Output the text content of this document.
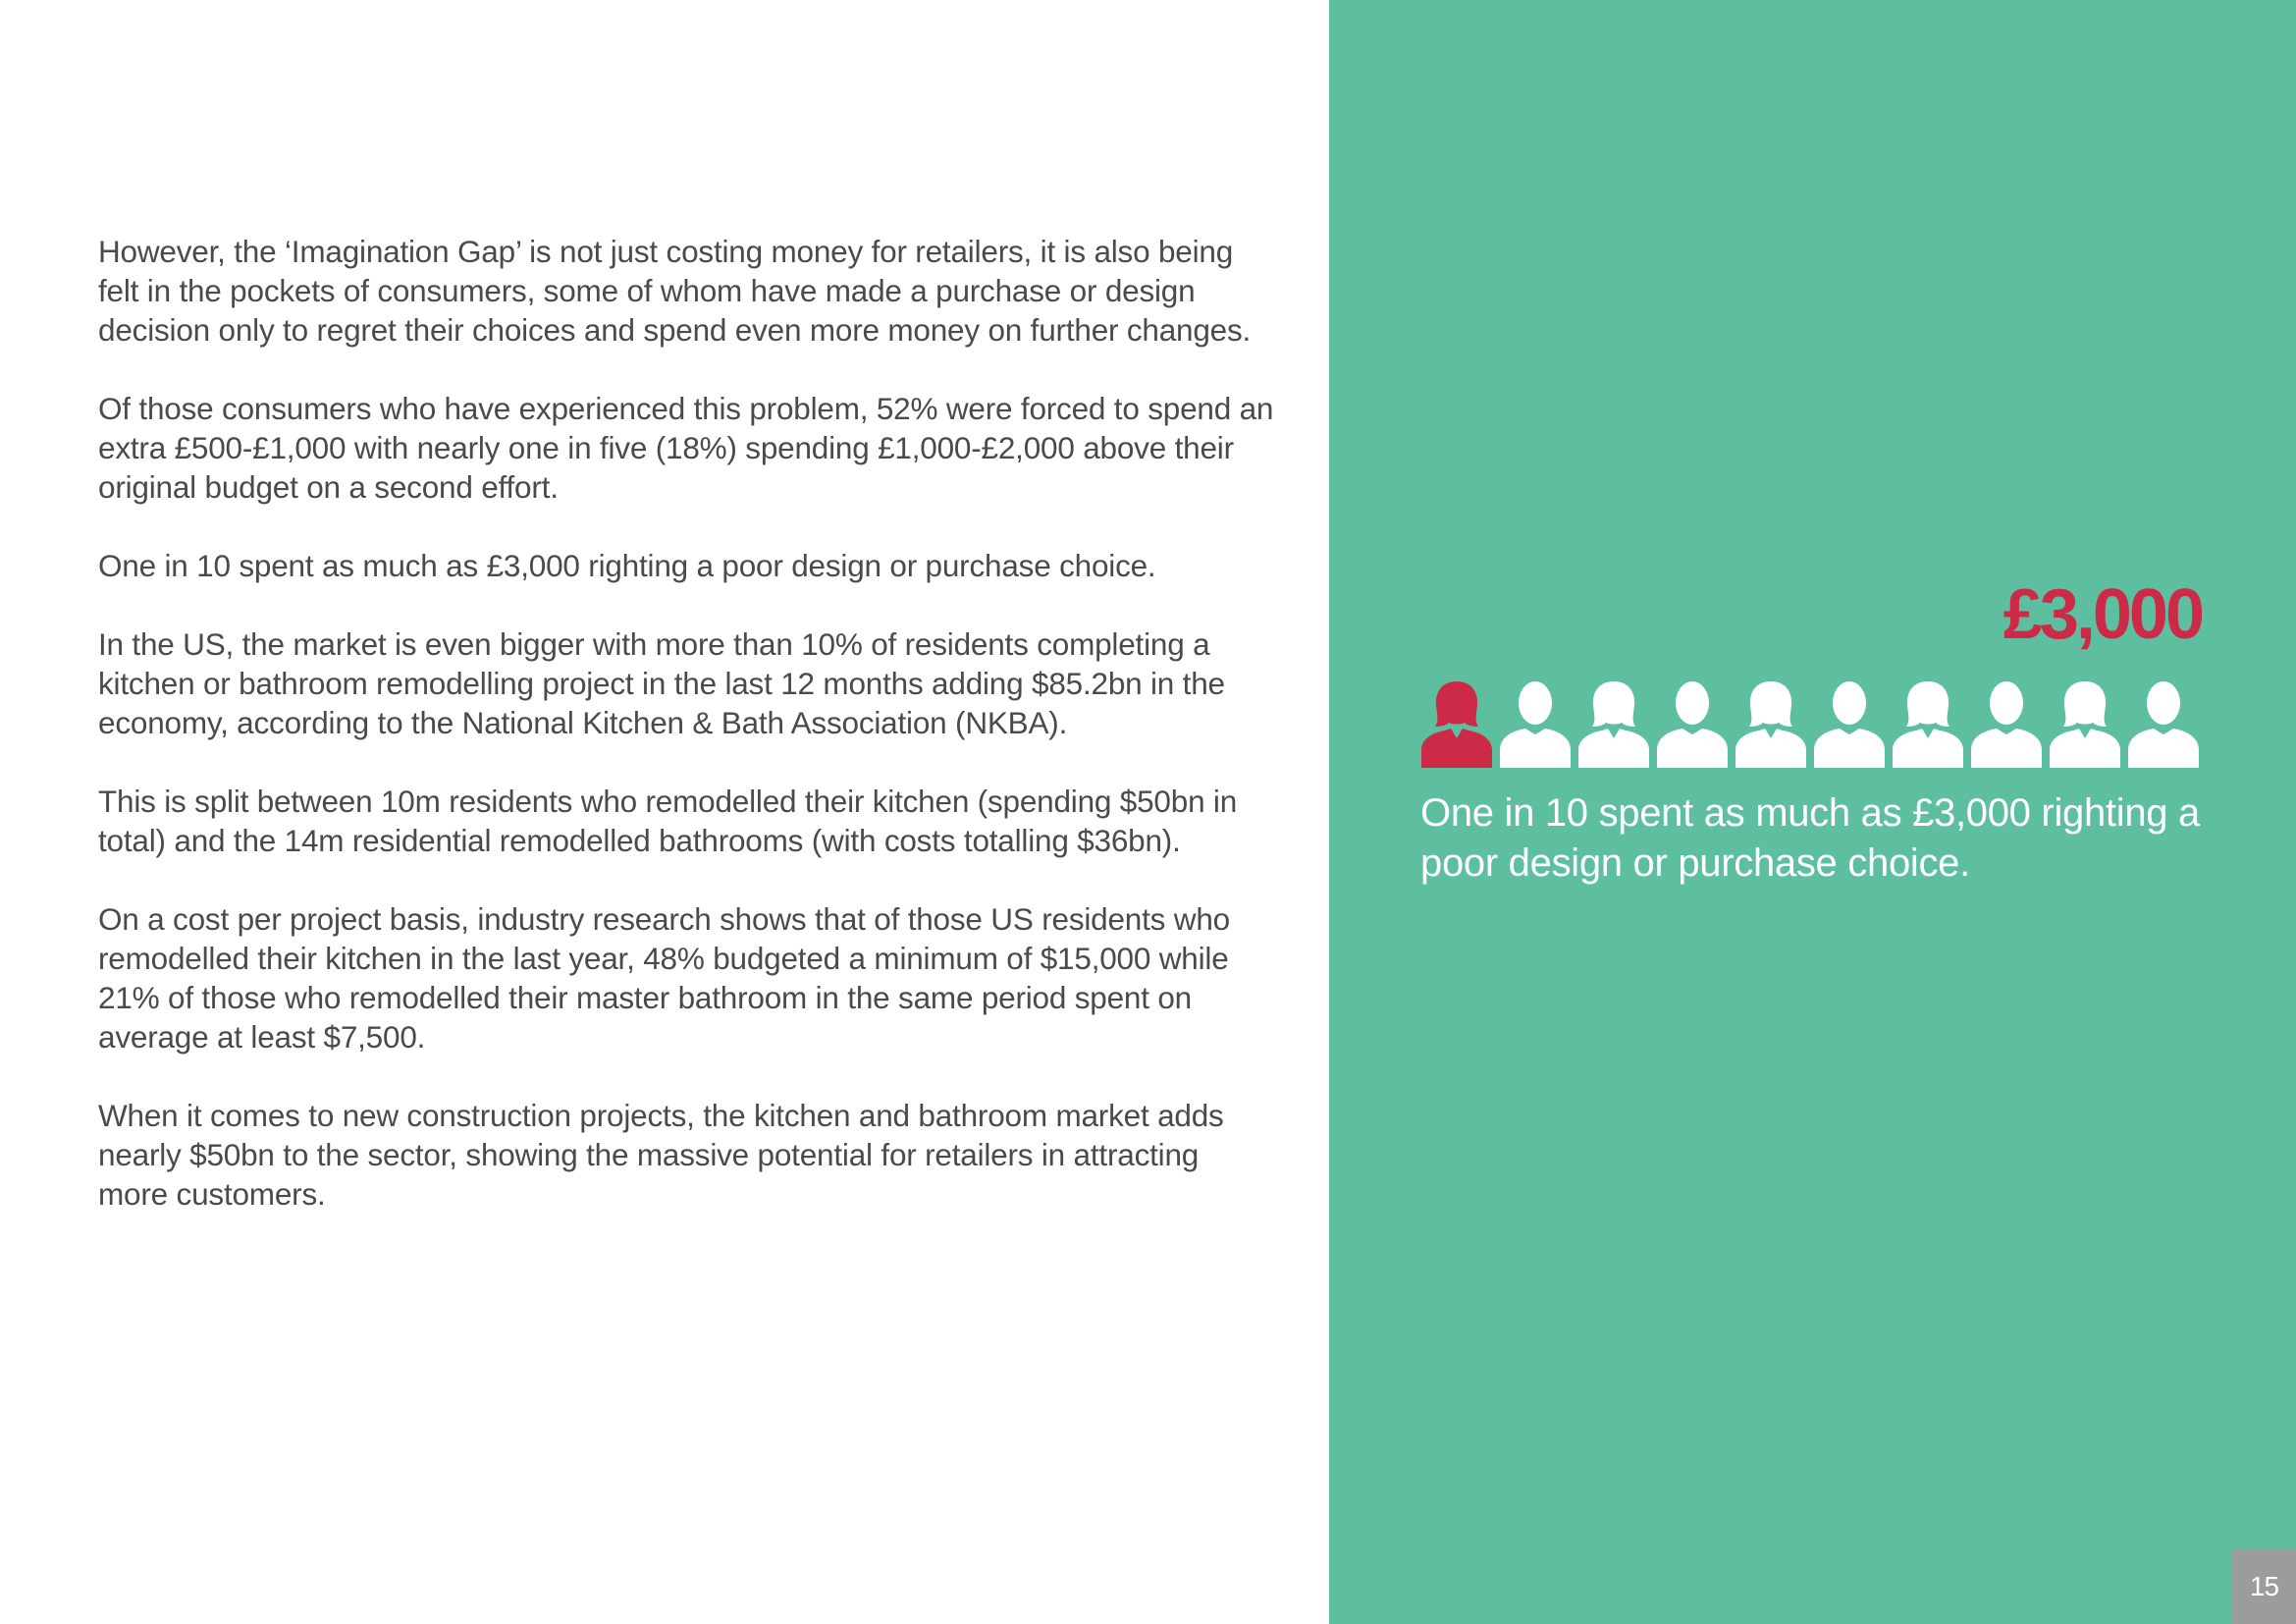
However, the ‘Imagination Gap’ is not just costing money for retailers, it is also being felt in the pockets of consumers, some of whom have made a purchase or design decision only to regret their choices and spend even more money on further changes.

Of those consumers who have experienced this problem, 52% were forced to spend an extra £500-£1,000 with nearly one in five (18%) spending £1,000-£2,000 above their original budget on a second effort.

One in 10 spent as much as £3,000 righting a poor design or purchase choice.

In the US, the market is even bigger with more than 10% of residents completing a kitchen or bathroom remodelling project in the last 12 months adding $85.2bn in the economy, according to the National Kitchen & Bath Association (NKBA).

This is split between 10m residents who remodelled their kitchen (spending $50bn in total) and the 14m residential remodelled bathrooms (with costs totalling $36bn).

On a cost per project basis, industry research shows that of those US residents who remodelled their kitchen in the last year, 48% budgeted a minimum of $15,000 while 21% of those who remodelled their master bathroom in the same period spent on average at least $7,500.

When it comes to new construction projects, the kitchen and bathroom market adds nearly $50bn to the sector, showing the massive potential for retailers in attracting more customers.

£3,000
One in 10 spent as much as £3,000 righting a poor design or purchase choice.
15
